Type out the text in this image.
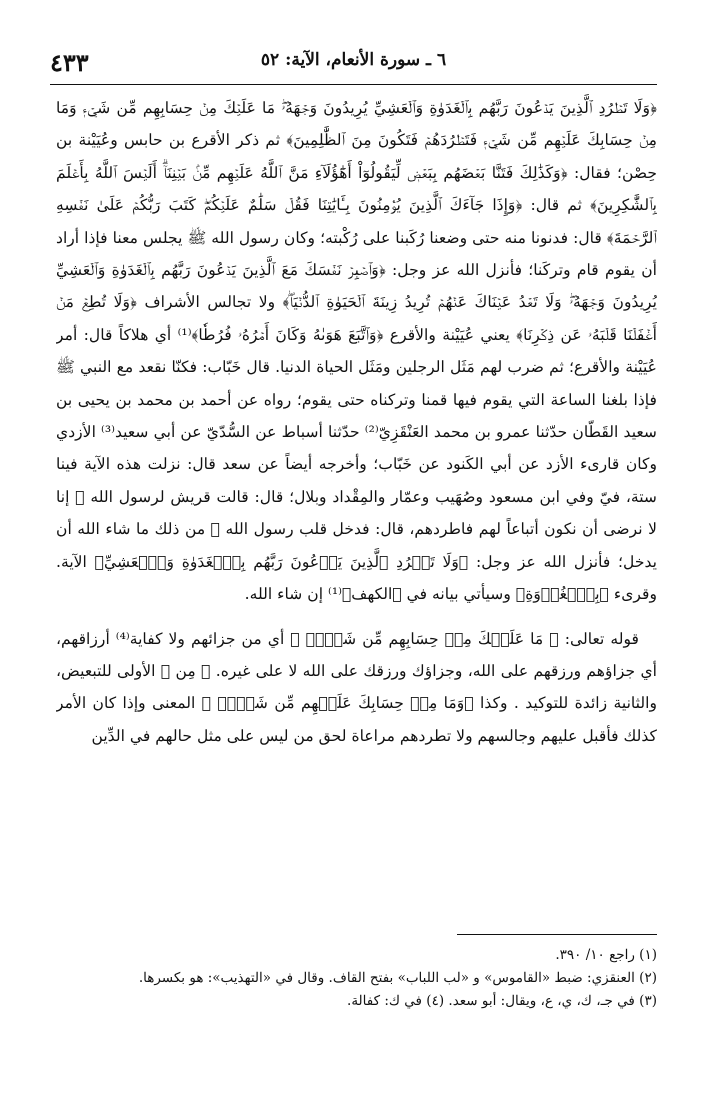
٤٣٣	٦ ـ سورة الأنعام، الآية: ٥٢

﴿وَلَا تَطۡرُدِ ٱلَّذِينَ يَدۡعُونَ رَبَّهُم بِٱلۡغَدَوٰةِ وَٱلۡعَشِيِّ يُرِيدُونَ وَجۡهَهُۥۖ مَا عَلَيۡكَ مِنۡ حِسَابِهِم مِّن شَيۡءٖ وَمَا مِنۡ حِسَابِكَ عَلَيۡهِم مِّن شَيۡءٖ فَتَطۡرُدَهُمۡ فَتَكُونَ مِنَ ٱلظَّٰلِمِينَ﴾ ثم ذكر الأقرع بن حابس وعُيَيْنة بن حِصْن؛ فقال: ﴿وَكَذَٰلِكَ فَتَنَّا بَعۡضَهُم بِبَعۡضٖ لِّيَقُولُوٓاْ أَهَٰٓؤُلَآءِ مَنَّ ٱللَّهُ عَلَيۡهِم مِّنۢ بَيۡنِنَآۗ أَلَيۡسَ ٱللَّهُ بِأَعۡلَمَ بِٱلشَّٰكِرِينَ﴾ ثم قال: ﴿وَإِذَا جَآءَكَ ٱلَّذِينَ يُؤۡمِنُونَ بِـَٔايَٰتِنَا فَقُلۡ سَلَٰمٌ عَلَيۡكُمۡۖ كَتَبَ رَبُّكُمۡ عَلَىٰ نَفۡسِهِ ٱلرَّحۡمَةَ﴾ قال: فدنونا منه حتى وضعنا رُكَبنا على رُكْبته؛ وكان رسول الله ﷺ يجلس معنا فإذا أراد أن يقوم قام وتركَنا؛ فأنزل الله عز وجل: ﴿وَٱصۡبِرۡ نَفۡسَكَ مَعَ ٱلَّذِينَ يَدۡعُونَ رَبَّهُم بِٱلۡغَدَوٰةِ وَٱلۡعَشِيِّ يُرِيدُونَ وَجۡهَهُۥۖ وَلَا تَعۡدُ عَيۡنَاكَ عَنۡهُمۡ تُرِيدُ زِينَةَ ٱلۡحَيَوٰةِ ٱلدُّنۡيَاۖ﴾ ولا تجالس الأشراف ﴿وَلَا تُطِعۡ مَنۡ أَغۡفَلۡنَا قَلۡبَهُۥ عَن ذِكۡرِنَا﴾ يعني عُيَيْنة والأقرع ﴿وَٱتَّبَعَ هَوَىٰهُ وَكَانَ أَمۡرُهُۥ فُرُطٗا﴾⁽¹⁾ أي هلاكاً قال: أمر عُيَيْنة والأقرع؛ ثم ضرب لهم مَثَل الرجلين ومَثَل الحياة الدنيا. قال خَبّاب: فكنّا نقعد مع النبي ﷺ فإذا بلغنا الساعة التي يقوم فيها قمنا وتركناه حتى يقوم؛ رواه عن أحمد بن محمد بن يحيى بن سعيد القَطّان حدّثنا عمرو بن محمد العَنْقَزِيّ⁽²⁾ حدّثنا أسباط عن السُّدّيّ عن أبي سعيد⁽³⁾ الأزدي وكان قارىء الأزد عن أبي الكَنود عن خَبّاب؛ وأخرجه أيضاً عن سعد قال: نزلت هذه الآية فينا ستة، فيّ وفي ابن مسعود وصُهَيب وعمّار والمِقْداد وبلال؛ قال: قالت قريش لرسول الله ﷺ إنا لا نرضى أن نكون أتباعاً لهم فاطردهم، قال: فدخل قلب رسول الله ﷺ من ذلك ما شاء الله أن يدخل؛ فأنزل الله عز وجل: ﴿وَلَا تَطۡرُدِ ٱلَّذِينَ يَدۡعُونَ رَبَّهُم بِٱلۡغَدَوٰةِ وَٱلۡعَشِيِّ﴾ الآية. وقرىء ﴿بِٱلۡغُدۡوَةِ﴾ وسيأتي بيانه في ﴿الكهف﴾⁽¹⁾ إن شاء الله.

قوله تعالى: ﴿ مَا عَلَيۡكَ مِنۡ حِسَابِهِم مِّن شَيۡءٖ ﴾ أي من جزائهم ولا كفاية⁽⁴⁾ أرزاقهم، أي جزاؤهم ورزقهم على الله، وجزاؤك ورزقك على الله لا على غيره. ﴿ مِن ﴾ الأولى للتبعيض، والثانية زائدة للتوكيد . وكذا ﴿وَمَا مِنۡ حِسَابِكَ عَلَيۡهِم مِّن شَيۡءٖ ﴾ المعنى وإذا كان الأمر كذلك فأقبل عليهم وجالسهم ولا تطردهم مراعاة لحق من ليس على مثل حالهم في الدِّين

(١) راجع ١٠/ ٣٩٠.
(٢) العنقزي: ضبط «القاموس» و «لب اللباب» بفتح القاف. وقال في «التهذيب»: هو بكسرها.
(٣) في جـ، ك، ي، ع، ويقال: أبو سعد. (٤) في ك: كفالة.
